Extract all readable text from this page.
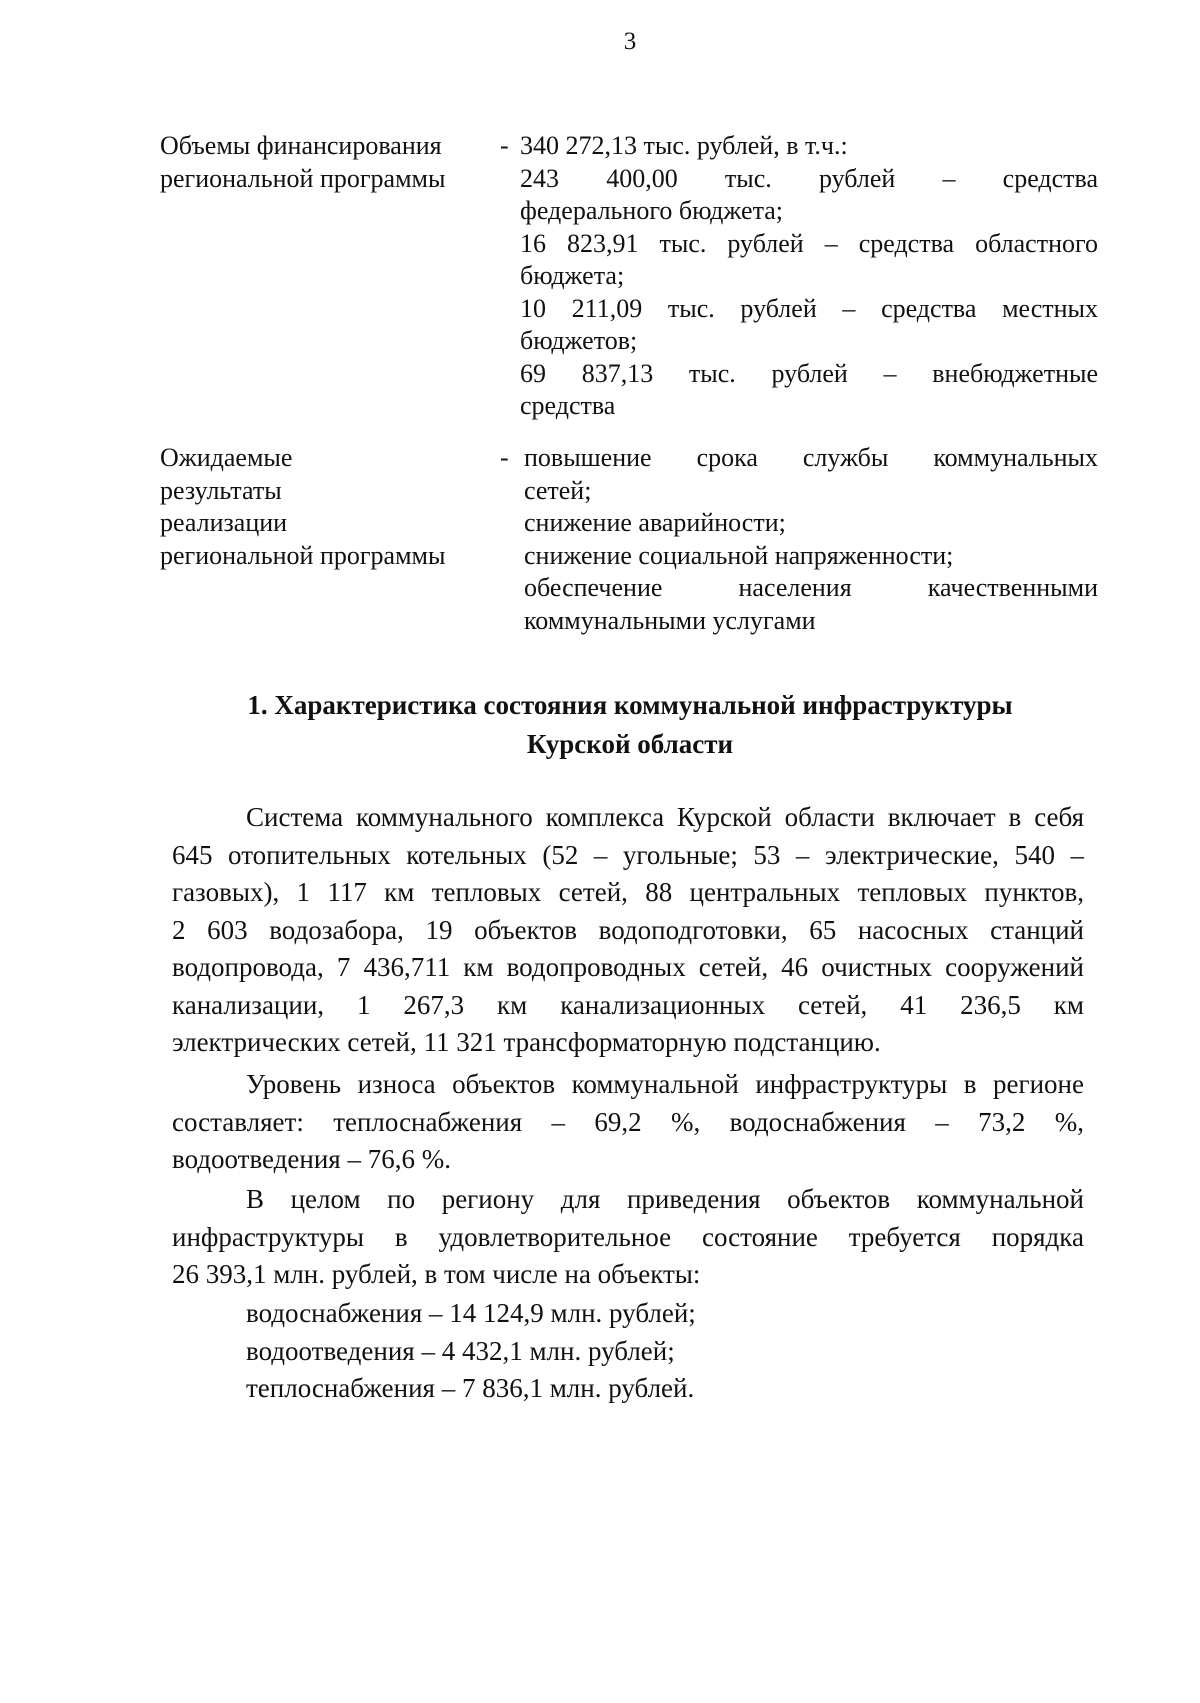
3
Объемы финансирования
региональной программы
- 340 272,13 тыс. рублей, в т.ч.:
243 400,00 тыс. рублей – средства
федерального бюджета;
16 823,91 тыс. рублей – средства областного
бюджета;
10 211,09 тыс. рублей – средства местных
бюджетов;
69 837,13 тыс. рублей – внебюджетные
средства
Ожидаемые
результаты
реализации
региональной программы
- повышение срока службы коммунальных
сетей;
снижение аварийности;
снижение социальной напряженности;
обеспечение населения качественными
коммунальными услугами
1. Характеристика состояния коммунальной инфраструктуры
Курской области
Система коммунального комплекса Курской области включает в себя
645 отопительных котельных (52 – угольные; 53 – электрические, 540 –
газовых), 1 117 км тепловых сетей, 88 центральных тепловых пунктов,
2 603 водозабора, 19 объектов водоподготовки, 65 насосных станций
водопровода, 7 436,711 км водопроводных сетей, 46 очистных сооружений
канализации, 1 267,3 км канализационных сетей, 41 236,5 км
электрических сетей, 11 321 трансформаторную подстанцию.
Уровень износа объектов коммунальной инфраструктуры в регионе
составляет: теплоснабжения – 69,2 %, водоснабжения – 73,2 %,
водоотведения – 76,6 %.
В целом по региону для приведения объектов коммунальной
инфраструктуры в удовлетворительное состояние требуется порядка
26 393,1 млн. рублей, в том числе на объекты:
водоснабжения – 14 124,9 млн. рублей;
водоотведения – 4 432,1 млн. рублей;
теплоснабжения – 7 836,1 млн. рублей.
